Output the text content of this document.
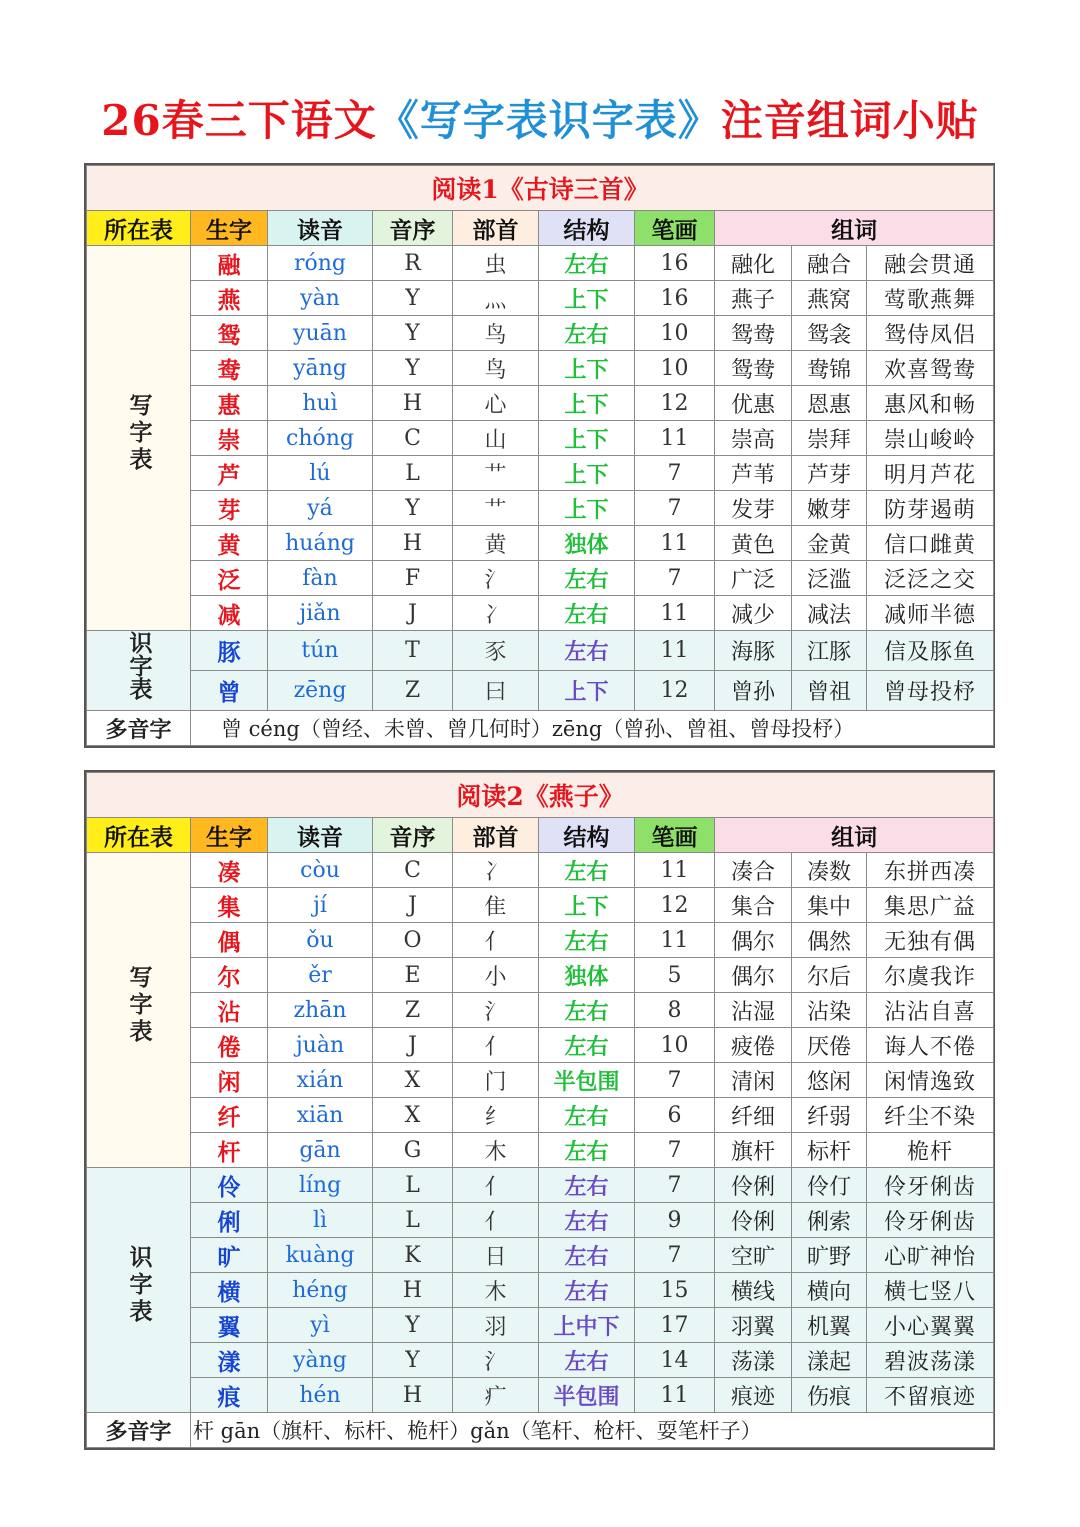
26春三下语文《写字表识字表》注音组词小贴
阅读1《古诗三首》									
所在表	生字	读音	音序	部首	结构	笔画	组词		
写字表	融	róng	R	虫	左右	16	融化	融合	融会贯通
	燕	yàn	Y	灬	上下	16	燕子	燕窝	莺歌燕舞
	鸳	yuān	Y	鸟	左右	10	鸳鸯	鸳衾	鸳侍凤侣
	鸯	yāng	Y	鸟	上下	10	鸳鸯	鸯锦	欢喜鸳鸯
	惠	huì	H	心	上下	12	优惠	恩惠	惠风和畅
	崇	chóng	C	山	上下	11	崇高	崇拜	崇山峻岭
	芦	lú	L	艹	上下	7	芦苇	芦芽	明月芦花
	芽	yá	Y	艹	上下	7	发芽	嫩芽	防芽遏萌
	黄	huáng	H	黄	独体	11	黄色	金黄	信口雌黄
	泛	fàn	F	氵	左右	7	广泛	泛滥	泛泛之交
	减	jiǎn	J	冫	左右	11	减少	减法	减师半德
识字表	豚	tún	T	豕	左右	11	海豚	江豚	信及豚鱼
	曾	zēng	Z	曰	上下	12	曾孙	曾祖	曾母投杼
多音字	曾 céng（曾经、未曾、曾几何时）zēng（曾孙、曾祖、曾母投杼）								
阅读2《燕子》									
所在表	生字	读音	音序	部首	结构	笔画	组词		
写字表	凑	còu	C	冫	左右	11	凑合	凑数	东拼西凑
	集	jí	J	隹	上下	12	集合	集中	集思广益
	偶	ǒu	O	亻	左右	11	偶尔	偶然	无独有偶
	尔	ěr	E	小	独体	5	偶尔	尔后	尔虞我诈
	沾	zhān	Z	氵	左右	8	沾湿	沾染	沾沾自喜
	倦	juàn	J	亻	左右	10	疲倦	厌倦	诲人不倦
	闲	xián	X	门	半包围	7	清闲	悠闲	闲情逸致
	纤	xiān	X	纟	左右	6	纤细	纤弱	纤尘不染
	杆	gān	G	木	左右	7	旗杆	标杆	桅杆
识字表	伶	líng	L	亻	左右	7	伶俐	伶仃	伶牙俐齿
	俐	lì	L	亻	左右	9	伶俐	俐索	伶牙俐齿
	旷	kuàng	K	日	左右	7	空旷	旷野	心旷神怡
	横	héng	H	木	左右	15	横线	横向	横七竖八
	翼	yì	Y	羽	上中下	17	羽翼	机翼	小心翼翼
	漾	yàng	Y	氵	左右	14	荡漾	漾起	碧波荡漾
	痕	hén	H	疒	半包围	11	痕迹	伤痕	不留痕迹
多音字	杆 gān（旗杆、标杆、桅杆）gǎn（笔杆、枪杆、耍笔杆子）								
